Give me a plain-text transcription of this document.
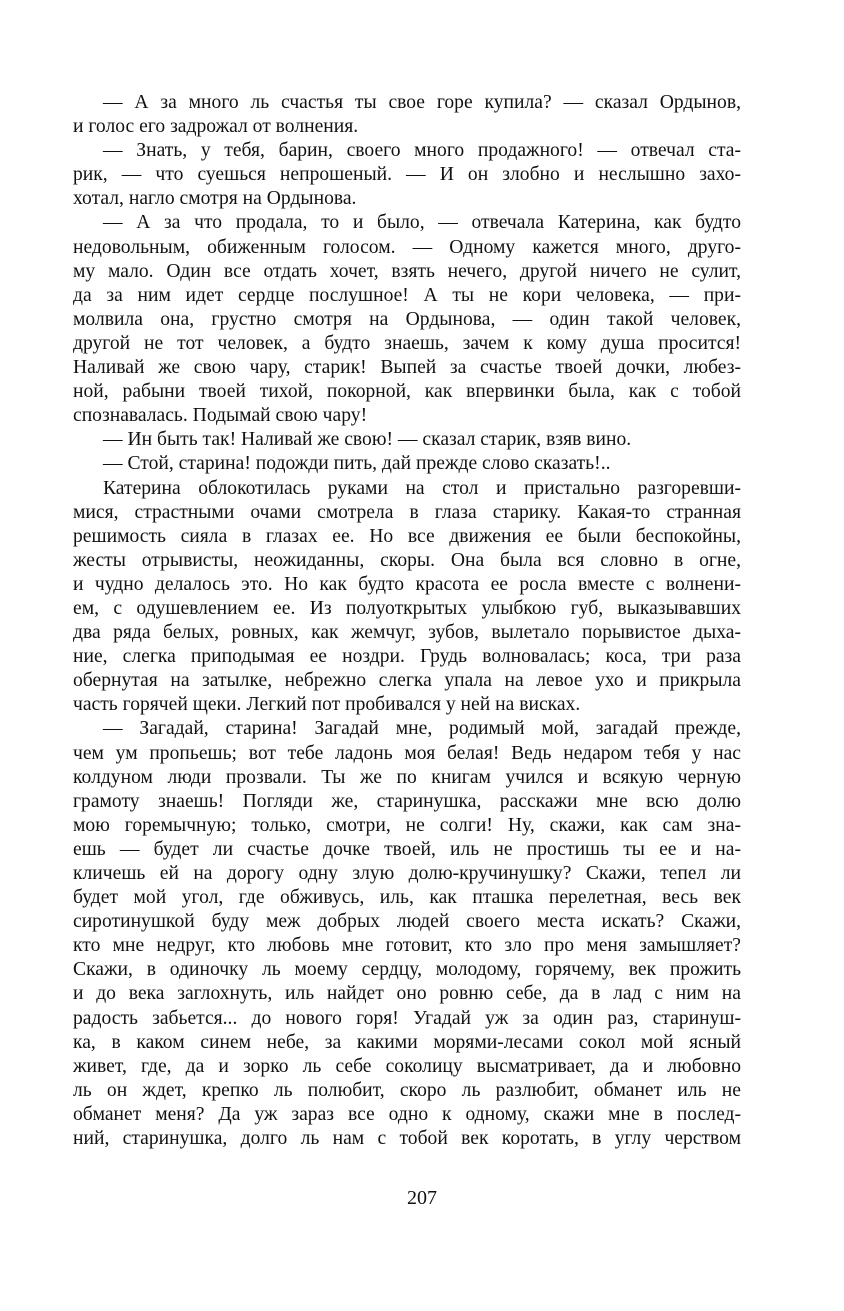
— А за много ль счастья ты свое горе купила? — сказал Ордынов,
и голос его задрожал от волнения.
— Знать, у тебя, барин, своего много продажного! — отвечал ста-
рик, — что суешься непрошеный. — И он злобно и неслышно захо-
хотал, нагло смотря на Ордынова.
— А за что продала, то и было, — отвечала Катерина, как будто
недовольным, обиженным голосом. — Одному кажется много, друго-
му мало. Один все отдать хочет, взять нечего, другой ничего не сулит,
да за ним идет сердце послушное! А ты не кори человека, — при-
молвила она, грустно смотря на Ордынова, — один такой человек,
другой не тот человек, а будто знаешь, зачем к кому душа просится!
Наливай же свою чару, старик! Выпей за счастье твоей дочки, любез-
ной, рабыни твоей тихой, покорной, как впервинки была, как с тобой
спознавалась. Подымай свою чару!
— Ин быть так! Наливай же свою! — сказал старик, взяв вино.
— Стой, старина! подожди пить, дай прежде слово сказать!..
Катерина облокотилась руками на стол и пристально разгоревши-
мися, страстными очами смотрела в глаза старику. Какая-то странная
решимость сияла в глазах ее. Но все движения ее были беспокойны,
жесты отрывисты, неожиданны, скоры. Она была вся словно в огне,
и чудно делалось это. Но как будто красота ее росла вместе с волнени-
ем, с одушевлением ее. Из полуоткрытых улыбкою губ, выказывавших
два ряда белых, ровных, как жемчуг, зубов, вылетало порывистое дыха-
ние, слегка приподымая ее ноздри. Грудь волновалась; коса, три раза
обернутая на затылке, небрежно слегка упала на левое ухо и прикрыла
часть горячей щеки. Легкий пот пробивался у ней на висках.
— Загадай, старина! Загадай мне, родимый мой, загадай прежде,
чем ум пропьешь; вот тебе ладонь моя белая! Ведь недаром тебя у нас
колдуном люди прозвали. Ты же по книгам учился и всякую черную
грамоту знаешь! Погляди же, старинушка, расскажи мне всю долю
мою горемычную; только, смотри, не солги! Ну, скажи, как сам зна-
ешь — будет ли счастье дочке твоей, иль не простишь ты ее и на-
кличешь ей на дорогу одну злую долю-кручинушку? Скажи, тепел ли
будет мой угол, где обживусь, иль, как пташка перелетная, весь век
сиротинушкой буду меж добрых людей своего места искать? Скажи,
кто мне недруг, кто любовь мне готовит, кто зло про меня замышляет?
Скажи, в одиночку ль моему сердцу, молодому, горячему, век прожить
и до века заглохнуть, иль найдет оно ровню себе, да в лад с ним на
радость забьется... до нового горя! Угадай уж за один раз, старинуш-
ка, в каком синем небе, за какими морями-лесами сокол мой ясный
живет, где, да и зорко ль себе соколицу высматривает, да и любовно
ль он ждет, крепко ль полюбит, скоро ль разлюбит, обманет иль не
обманет меня? Да уж зараз все одно к одному, скажи мне в послед-
ний, старинушка, долго ль нам с тобой век коротать, в углу черством
207
